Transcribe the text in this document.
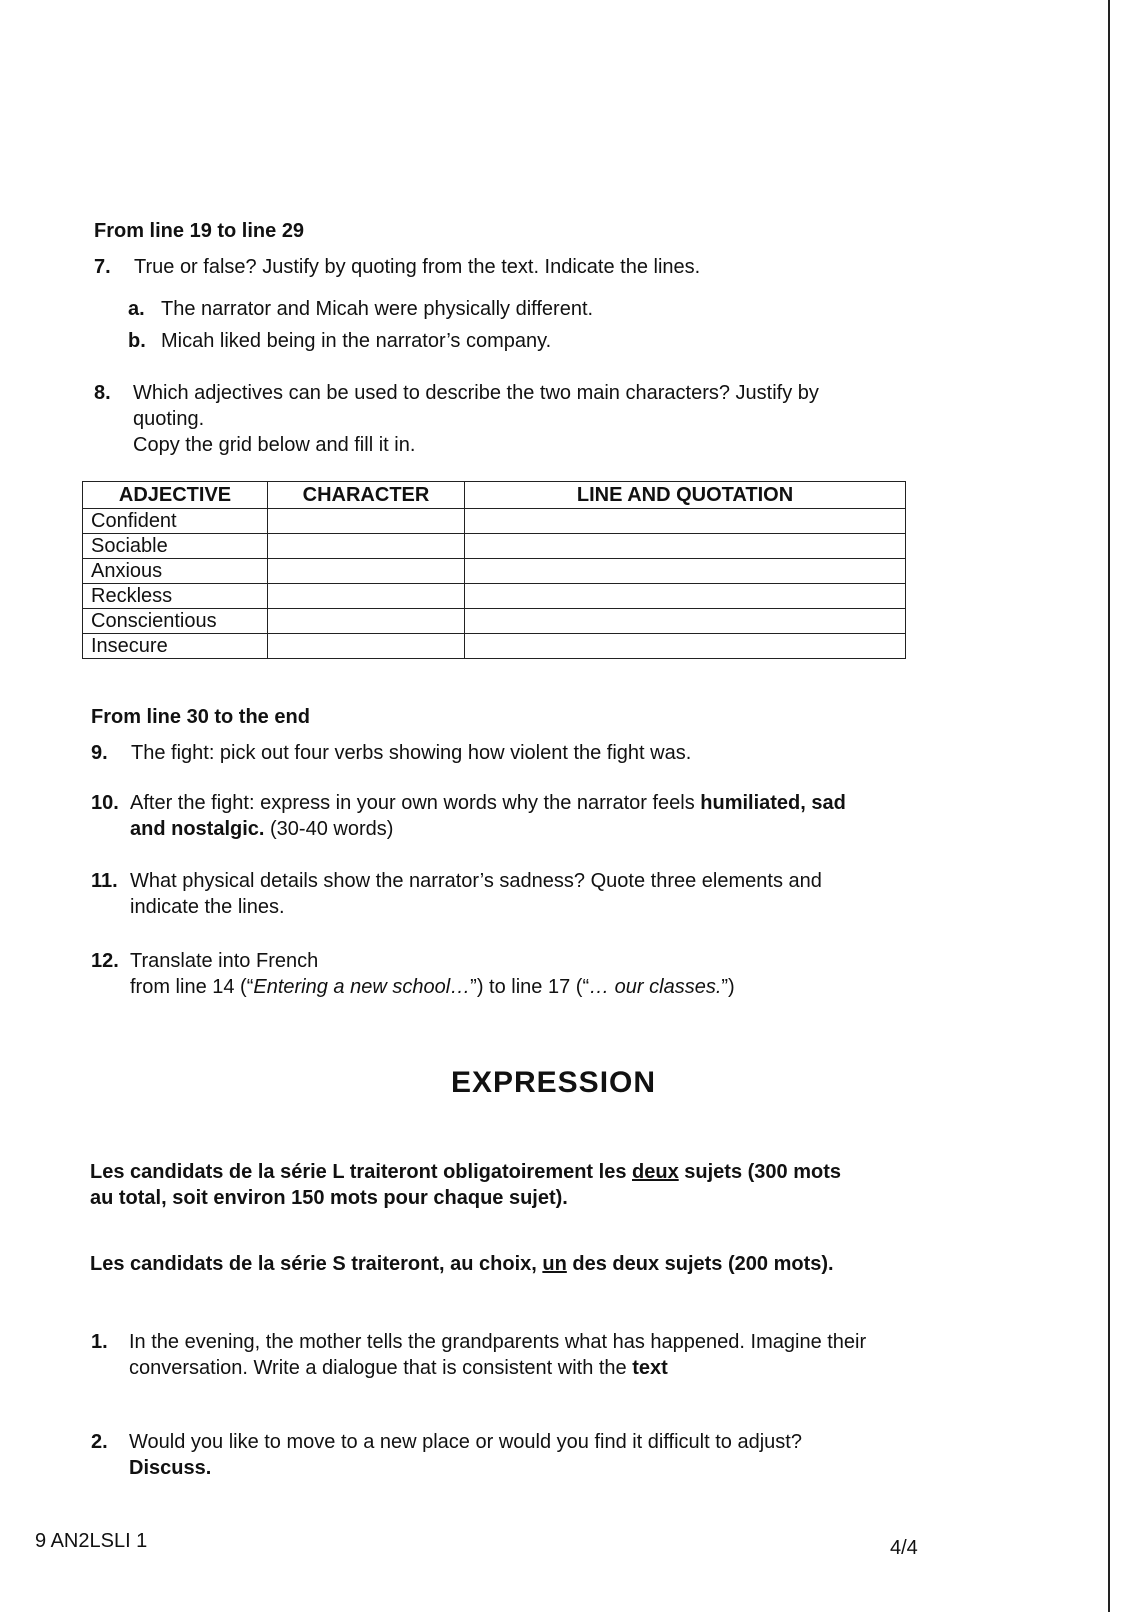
From line 19 to line 29
7. True or false? Justify by quoting from the text. Indicate the lines.
a. The narrator and Micah were physically different.
b. Micah liked being in the narrator’s company.
8. Which adjectives can be used to describe the two main characters? Justify by
quoting.
Copy the grid below and fill it in.
ADJECTIVE	CHARACTER	LINE AND QUOTATION
Confident		
Sociable		
Anxious		
Reckless		
Conscientious		
Insecure		
From line 30 to the end
9. The fight: pick out four verbs showing how violent the fight was.
10. After the fight: express in your own words why the narrator feels humiliated, sad
and nostalgic. (30-40 words)
11. What physical details show the narrator’s sadness? Quote three elements and
indicate the lines.
12. Translate into French
from line 14 (“Entering a new school…”) to line 17 (“… our classes.”)
EXPRESSION
Les candidats de la série L traiteront obligatoirement les deux sujets (300 mots
au total, soit environ 150 mots pour chaque sujet).
Les candidats de la série S traiteront, au choix, un des deux sujets (200 mots).
1. In the evening, the mother tells the grandparents what has happened. Imagine their
conversation. Write a dialogue that is consistent with the text
2. Would you like to move to a new place or would you find it difficult to adjust?
Discuss.
9 AN2LSLI 1	4/4
